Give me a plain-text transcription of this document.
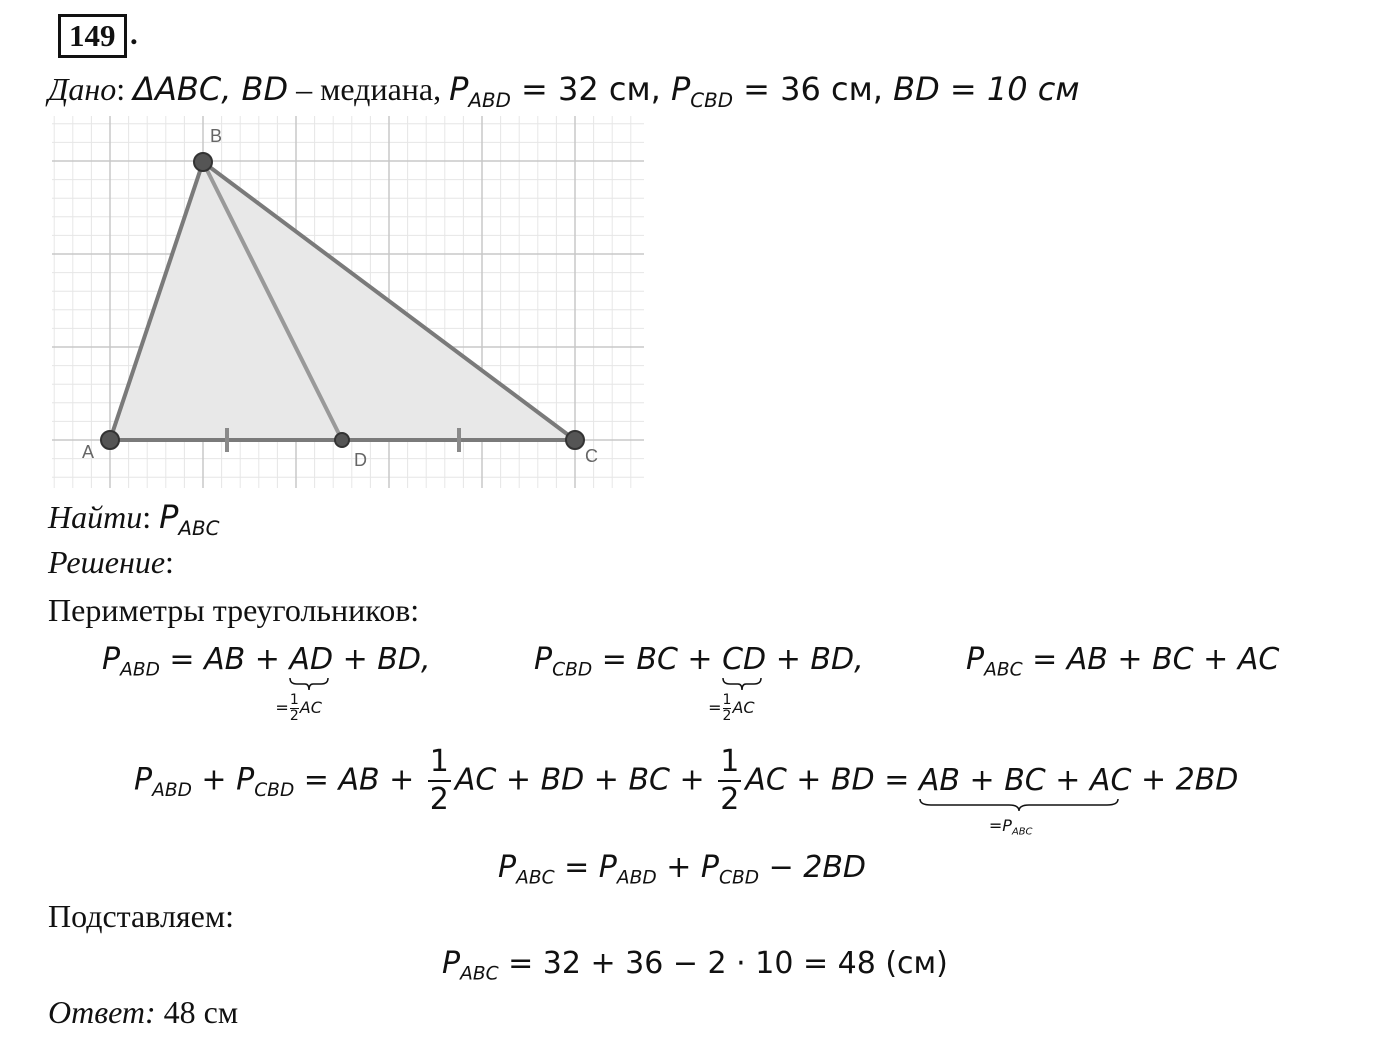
149 .
Дано: ΔABC, BD – медиана, $P_{ABD} = 32$ см, $P_{CBD} = 36$ см, BD = 10 см
A
B
C
D
Найти: $P_{ABC}$
Решение:
Периметры треугольников:
$P_{ABD}$ = AB + AD
= $\frac{1}{2}$ AC
+ BD,	$P_{CBD}$ = BC + CD
= $\frac{1}{2}$ AC
+ BD,	$P_{ABC}$ = AB + BC + AC
$P_{ABD} + P_{CBD}$ = AB + $\frac{1}{2}$ AC + BD + BC + $\frac{1}{2}$ AC + BD = AB + BC + AC
$=P_{ABC}$
+ 2BD
$P_{ABC} = P_{ABD} + P_{CBD} - 2BD$
Подставляем:
$P_{ABC} = 32 + 36 - 2 \cdot 10 = 48$ (см)
Ответ: 48 см
